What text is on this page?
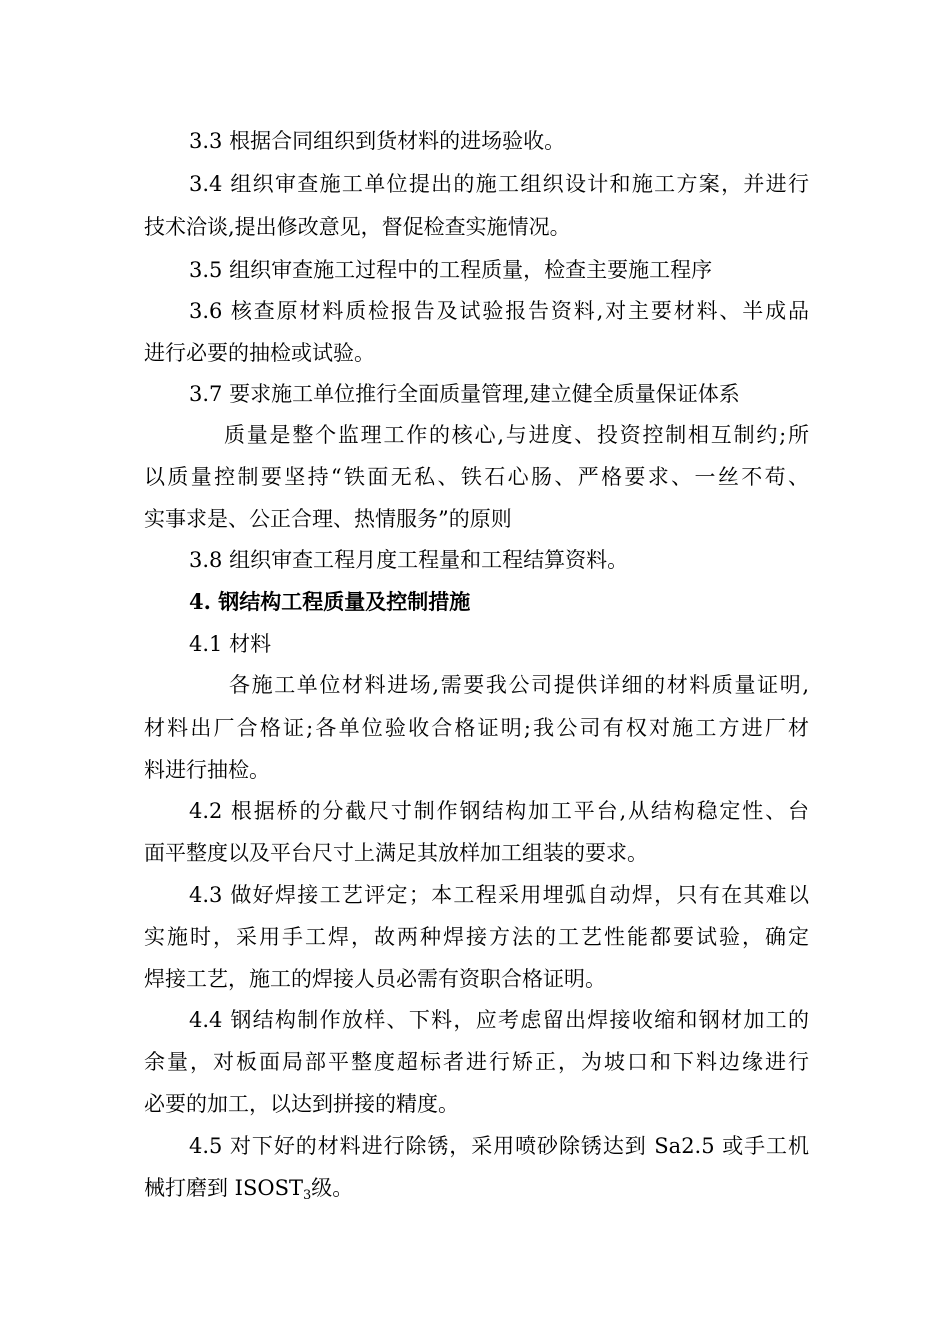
3.3 根据合同组织到货材料的进场验收。

3.4 组织审查施工单位提出的施工组织设计和施工方案，并进行

技术洽谈,提出修改意见，督促检查实施情况。

3.5 组织审查施工过程中的工程质量，检查主要施工程序

3.6 核查原材料质检报告及试验报告资料,对主要材料、半成品

进行必要的抽检或试验。

3.7 要求施工单位推行全面质量管理,建立健全质量保证体系

质量是整个监理工作的核心,与进度、投资控制相互制约;所

以质量控制要坚持“铁面无私、铁石心肠、严格要求、一丝不苟、

实事求是、公正合理、热情服务”的原则

3.8 组织审查工程月度工程量和工程结算资料。

4. 钢结构工程质量及控制措施

4.1 材料

各施工单位材料进场,需要我公司提供详细的材料质量证明,

材料出厂合格证;各单位验收合格证明;我公司有权对施工方进厂材

料进行抽检。

4.2 根据桥的分截尺寸制作钢结构加工平台,从结构稳定性、台

面平整度以及平台尺寸上满足其放样加工组装的要求。

4.3 做好焊接工艺评定；本工程采用埋弧自动焊，只有在其难以

实施时，采用手工焊，故两种焊接方法的工艺性能都要试验，确定

焊接工艺，施工的焊接人员必需有资职合格证明。

4.4 钢结构制作放样、下料，应考虑留出焊接收缩和钢材加工的

余量，对板面局部平整度超标者进行矫正，为坡口和下料边缘进行

必要的加工，以达到拼接的精度。

4.5 对下好的材料进行除锈，采用喷砂除锈达到 Sa2.5 或手工机

械打磨到 $ISOST_3$级。
